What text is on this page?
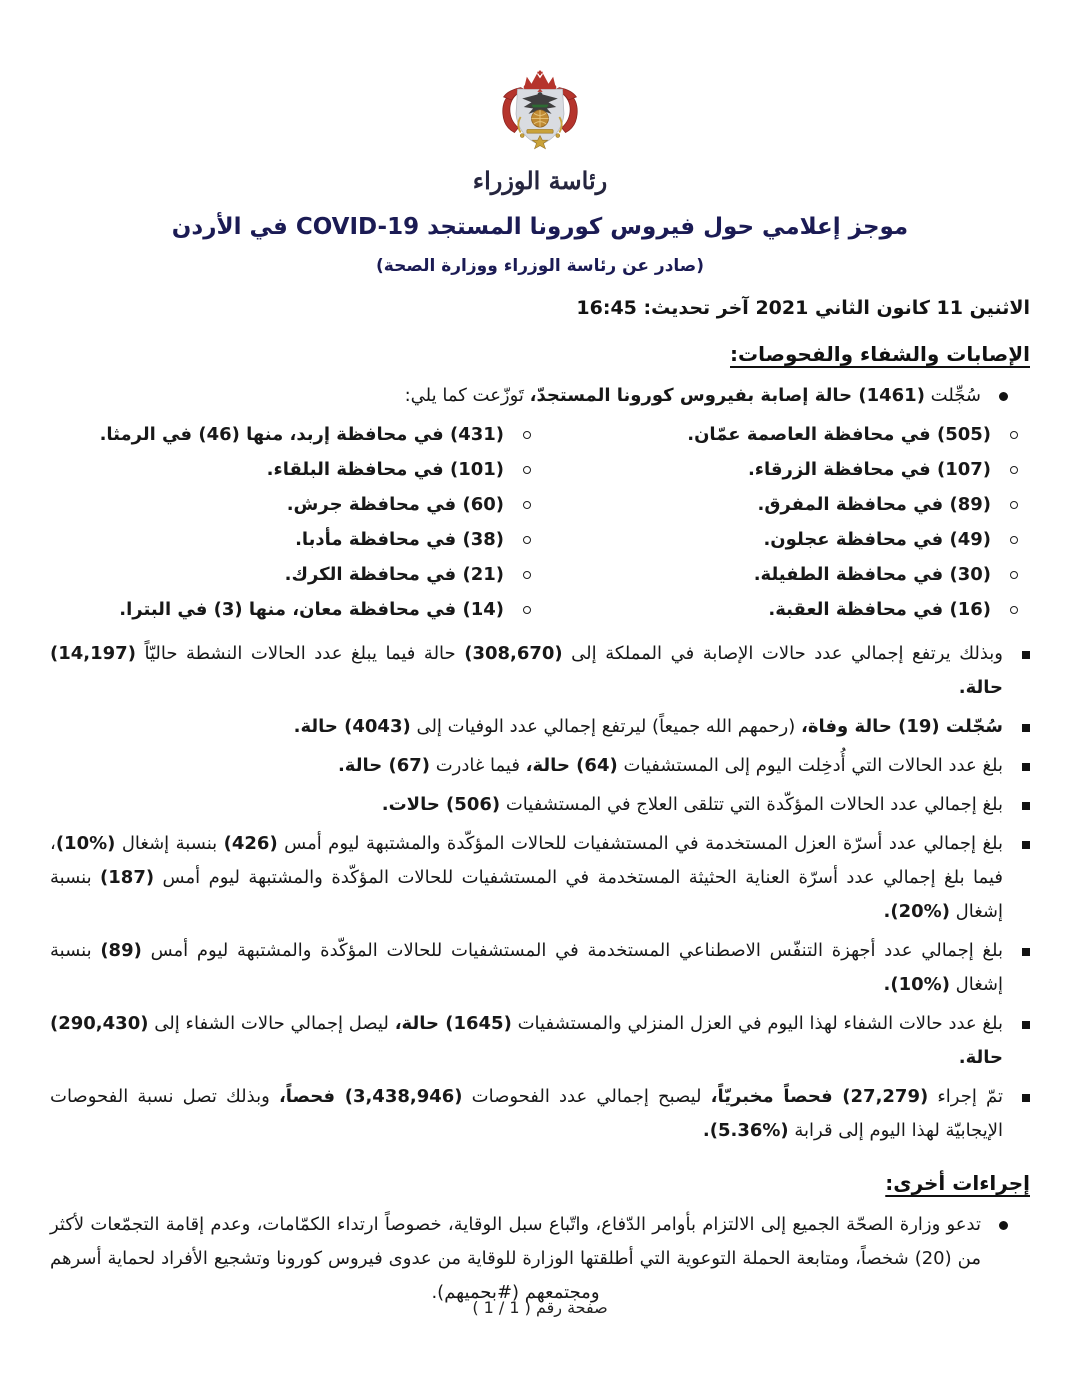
رئاسة الوزراء
موجز إعلامي حول فيروس كورونا المستجد COVID-19 في الأردن
(صادر عن رئاسة الوزراء ووزارة الصحة)
الاثنين 11 كانون الثاني 2021 آخر تحديث: 16:45
الإصابات والشفاء والفحوصات:

سُجِّلت (1461) حالة إصابة بفيروس كورونا المستجدّ، تَوزّعت كما يلي:

(505) في محافظة العاصمة عمّان.

(107) في محافظة الزرقاء.

(89) في محافظة المفرق.

(49) في محافظة عجلون.

(30) في محافظة الطفيلة.

(16) في محافظة العقبة.

(431) في محافظة إربد، منها (46) في الرمثا.

(101) في محافظة البلقاء.

(60) في محافظة جرش.

(38) في محافظة مأدبا.

(21) في محافظة الكرك.

(14) في محافظة معان، منها (3) في البترا.

وبذلك يرتفع إجمالي عدد حالات الإصابة في المملكة إلى (308,670) حالة فيما يبلغ عدد الحالات النشطة حاليّاً (14,197) حالة.

سُجّلت (19) حالة وفاة، (رحمهم الله جميعاً) ليرتفع إجمالي عدد الوفيات إلى (4043) حالة.

بلغ عدد الحالات التي أُدخِلت اليوم إلى المستشفيات (64) حالة، فيما غادرت (67) حالة.

بلغ إجمالي عدد الحالات المؤكّدة التي تتلقى العلاج في المستشفيات (506) حالات.

بلغ إجمالي عدد أسرّة العزل المستخدمة في المستشفيات للحالات المؤكّدة والمشتبهة ليوم أمس (426) بنسبة إشغال (%10)، فيما بلغ إجمالي عدد أسرّة العناية الحثيثة المستخدمة في المستشفيات للحالات المؤكّدة والمشتبهة ليوم أمس (187) بنسبة إشغال (%20).

بلغ إجمالي عدد أجهزة التنفّس الاصطناعي المستخدمة في المستشفيات للحالات المؤكّدة والمشتبهة ليوم أمس (89) بنسبة إشغال (%10).

بلغ عدد حالات الشفاء لهذا اليوم في العزل المنزلي والمستشفيات (1645) حالة، ليصل إجمالي حالات الشفاء إلى (290,430) حالة.

تمّ إجراء (27,279) فحصاً مخبريّاً، ليصبح إجمالي عدد الفحوصات (3,438,946) فحصاً، وبذلك تصل نسبة الفحوصات الإيجابيّة لهذا اليوم إلى قرابة (%5.36).

إجراءات أخرى:

تدعو وزارة الصحّة الجميع إلى الالتزام بأوامر الدّفاع، واتّباع سبل الوقاية، خصوصاً ارتداء الكمّامات، وعدم إقامة التجمّعات لأكثر من (20) شخصاً، ومتابعة الحملة التوعوية التي أطلقتها الوزارة للوقاية من عدوى فيروس كورونا وتشجيع الأفراد لحماية أسرهم ومجتمعهم (#بحميهم).

صفحة رقم ( 1 / 1 )
